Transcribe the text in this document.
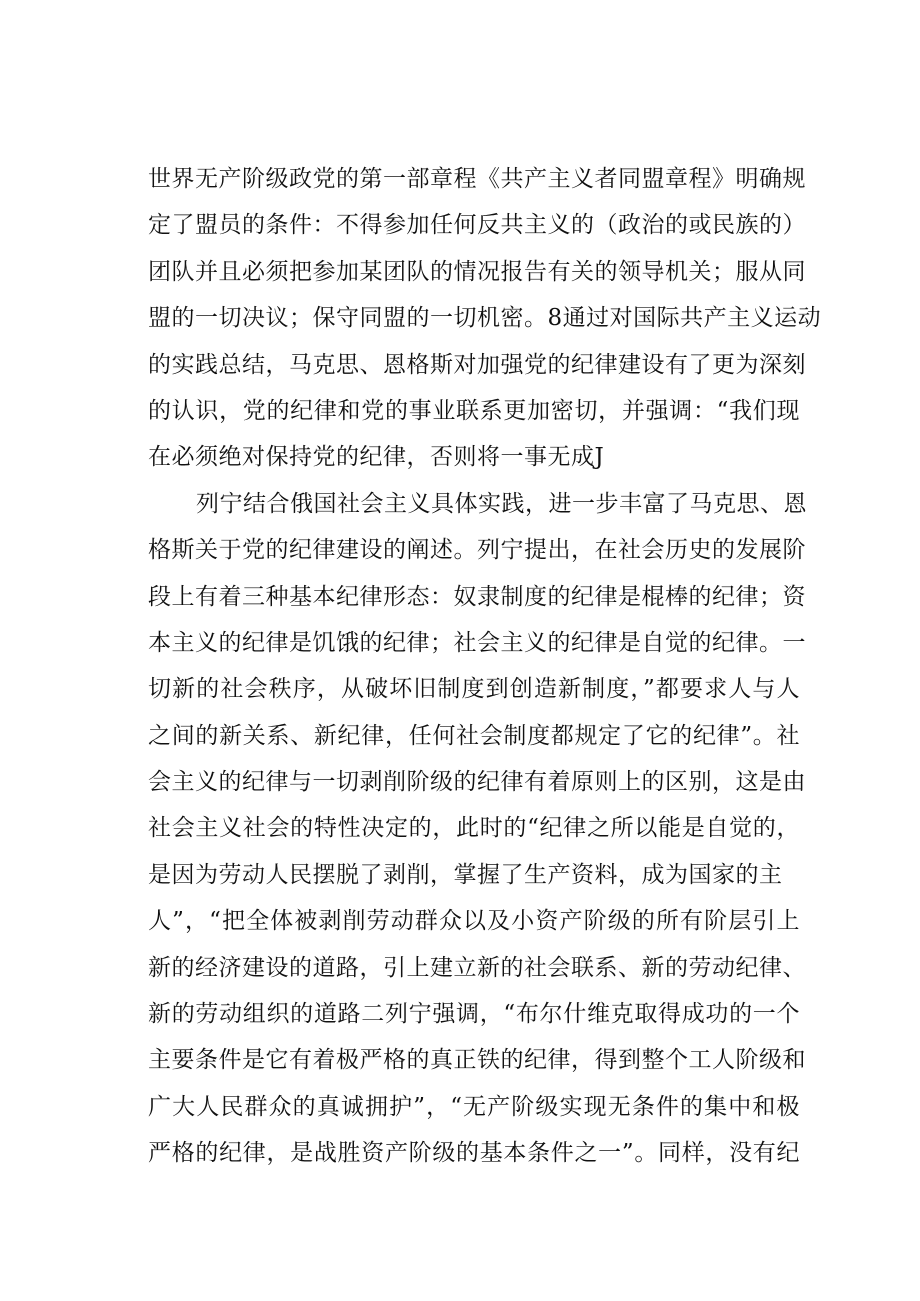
世界无产阶级政党的第一部章程《共产主义者同盟章程》明确规
定了盟员的条件：不得参加任何反共主义的（政治的或民族的）
团队并且必须把参加某团队的情况报告有关的领导机关；服从同
盟的一切决议；保守同盟的一切机密。8通过对国际共产主义运动
的实践总结，马克思、恩格斯对加强党的纪律建设有了更为深刻
的认识，党的纪律和党的事业联系更加密切，并强调：“我们现
在必须绝对保持党的纪律，否则将一事无成J
列宁结合俄国社会主义具体实践，进一步丰富了马克思、恩
格斯关于党的纪律建设的阐述。列宁提出，在社会历史的发展阶
段上有着三种基本纪律形态：奴隶制度的纪律是棍棒的纪律；资
本主义的纪律是饥饿的纪律；社会主义的纪律是自觉的纪律。一
切新的社会秩序，从破坏旧制度到创造新制度，”都要求人与人
之间的新关系、新纪律，任何社会制度都规定了它的纪律”。社
会主义的纪律与一切剥削阶级的纪律有着原则上的区别，这是由
社会主义社会的特性决定的，此时的“纪律之所以能是自觉的，
是因为劳动人民摆脱了剥削，掌握了生产资料，成为国家的主
人”，“把全体被剥削劳动群众以及小资产阶级的所有阶层引上
新的经济建设的道路，引上建立新的社会联系、新的劳动纪律、
新的劳动组织的道路二列宁强调，“布尔什维克取得成功的一个
主要条件是它有着极严格的真正铁的纪律，得到整个工人阶级和
广大人民群众的真诚拥护”，“无产阶级实现无条件的集中和极
严格的纪律，是战胜资产阶级的基本条件之一”。同样，没有纪
